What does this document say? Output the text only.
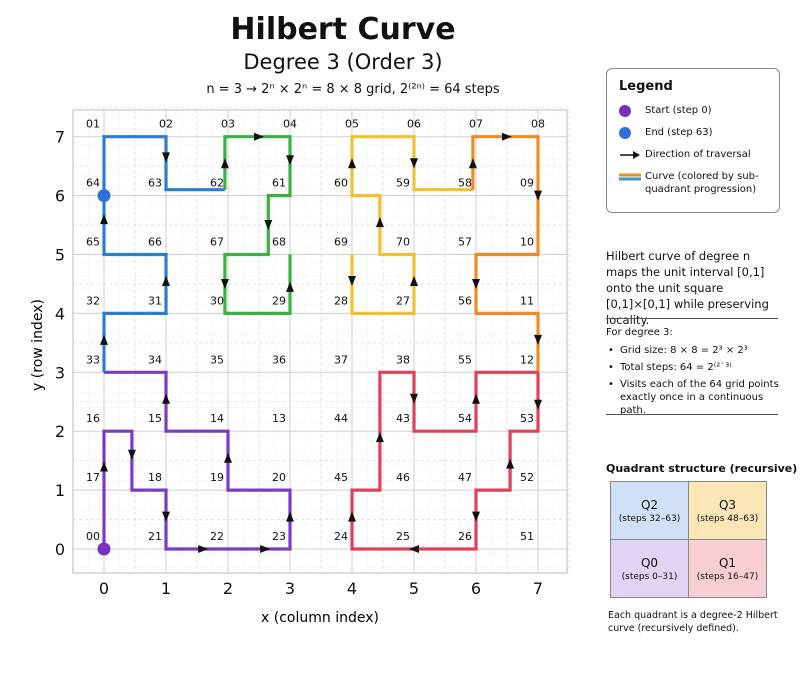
Hilbert Curve
Degree 3 (Order 3)
n = 3 → 2ⁿ × 2ⁿ = 8 × 8 grid, 2⁽²ⁿ⁾ = 64 steps
01	02	03	04	05	06	07	08
64	63	62	61	60	59	58	09
65	66	67	68	69	70	57	10
32	31	30	29	28	27	56	11
33	34	35	36	37	38	55	12
16	15	14	13	44	43	54	53
17	18	19	20	45	46	47	52
00	21	22	23	24	25	26	51
0	1	2	3	4	5	6	7
0
1
2
3
4
5
6
7
x (column index)
y (row index)
Legend
Start (step 0)
End (step 63)
Direction of traversal
Curve (colored by sub-quadrant progression)
Hilbert curve of degree n maps the unit interval [0,1] onto the unit square [0,1]×[0,1] while preserving locality.
For degree 3:
• Grid size: 8 × 8 = 2³ × 2³
• Total steps: 64 = 2⁽²˙³⁾
• Visits each of the 64 grid points exactly once in a continuous path.
Quadrant structure (recursive)
Q2
(steps 32–63)
Q3
(steps 48–63)
Q0
(steps 0–31)
Q1
(steps 16–47)
Each quadrant is a degree-2 Hilbert curve (recursively defined).
